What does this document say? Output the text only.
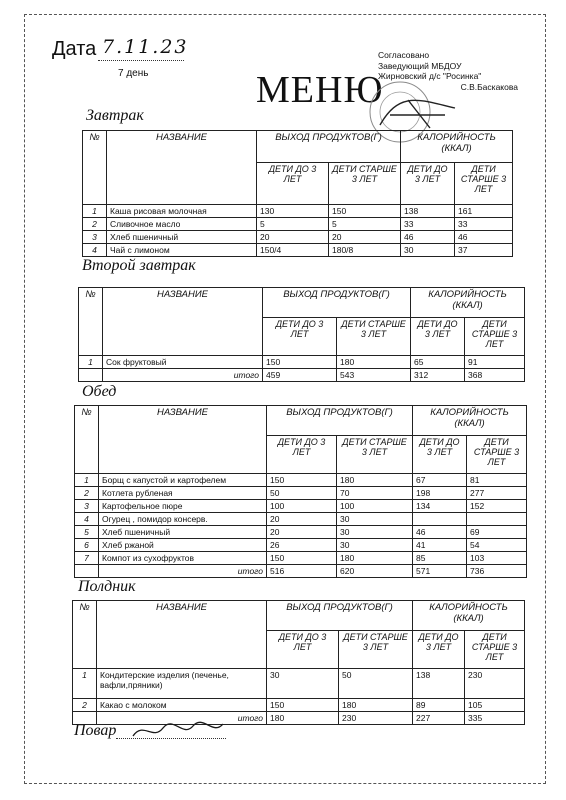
Дата 7.11.23
7 день	МЕНЮ
Согласовано
Заведующий МБДОУ
Жирновский д/с "Росинка"
С.В.Баскакова
Завтрак
№	НАЗВАНИЕ	ВЫХОД ПРОДУКТОВ(Г)		КАЛОРИЙНОСТЬ (ККАЛ)	
		ДЕТИ ДО 3 ЛЕТ	ДЕТИ СТАРШЕ 3 ЛЕТ	ДЕТИ ДО 3 ЛЕТ	ДЕТИ СТАРШЕ 3 ЛЕТ
1	Каша рисовая молочная	130	150	138	161
2	Сливочное масло	5	5	33	33
3	Хлеб пшеничный	20	20	46	46
4	Чай с лимоном	150/4	180/8	30	37
Второй завтрак
№	НАЗВАНИЕ	ВЫХОД ПРОДУКТОВ(Г)		КАЛОРИЙНОСТЬ (ККАЛ)	
		ДЕТИ ДО 3 ЛЕТ	ДЕТИ СТАРШЕ 3 ЛЕТ	ДЕТИ ДО 3 ЛЕТ	ДЕТИ СТАРШЕ 3 ЛЕТ
1	Сок фруктовый	150	180	65	91
	итого	459	543	312	368
Обед
№	НАЗВАНИЕ	ВЫХОД ПРОДУКТОВ(Г)		КАЛОРИЙНОСТЬ (ККАЛ)	
		ДЕТИ ДО 3 ЛЕТ	ДЕТИ СТАРШЕ 3 ЛЕТ	ДЕТИ ДО 3 ЛЕТ	ДЕТИ СТАРШЕ 3 ЛЕТ
1	Борщ с капустой и картофелем	150	180	67	81
2	Котлета рубленая	50	70	198	277
3	Картофельное пюре	100	100	134	152
4	Огурец , помидор консерв.	20	30		
5	Хлеб пшеничный	20	30	46	69
6	Хлеб ржаной	26	30	41	54
7	Компот из сухофруктов	150	180	85	103
	итого	516	620	571	736
Полдник
№	НАЗВАНИЕ	ВЫХОД ПРОДУКТОВ(Г)		КАЛОРИЙНОСТЬ (ККАЛ)	
		ДЕТИ ДО 3 ЛЕТ	ДЕТИ СТАРШЕ 3 ЛЕТ	ДЕТИ ДО 3 ЛЕТ	ДЕТИ СТАРШЕ 3 ЛЕТ
1	Кондитерские изделия (печенье, вафли,пряники)	30	50	138	230
2	Какао с молоком	150	180	89	105
	итого	180	230	227	335
Повар
